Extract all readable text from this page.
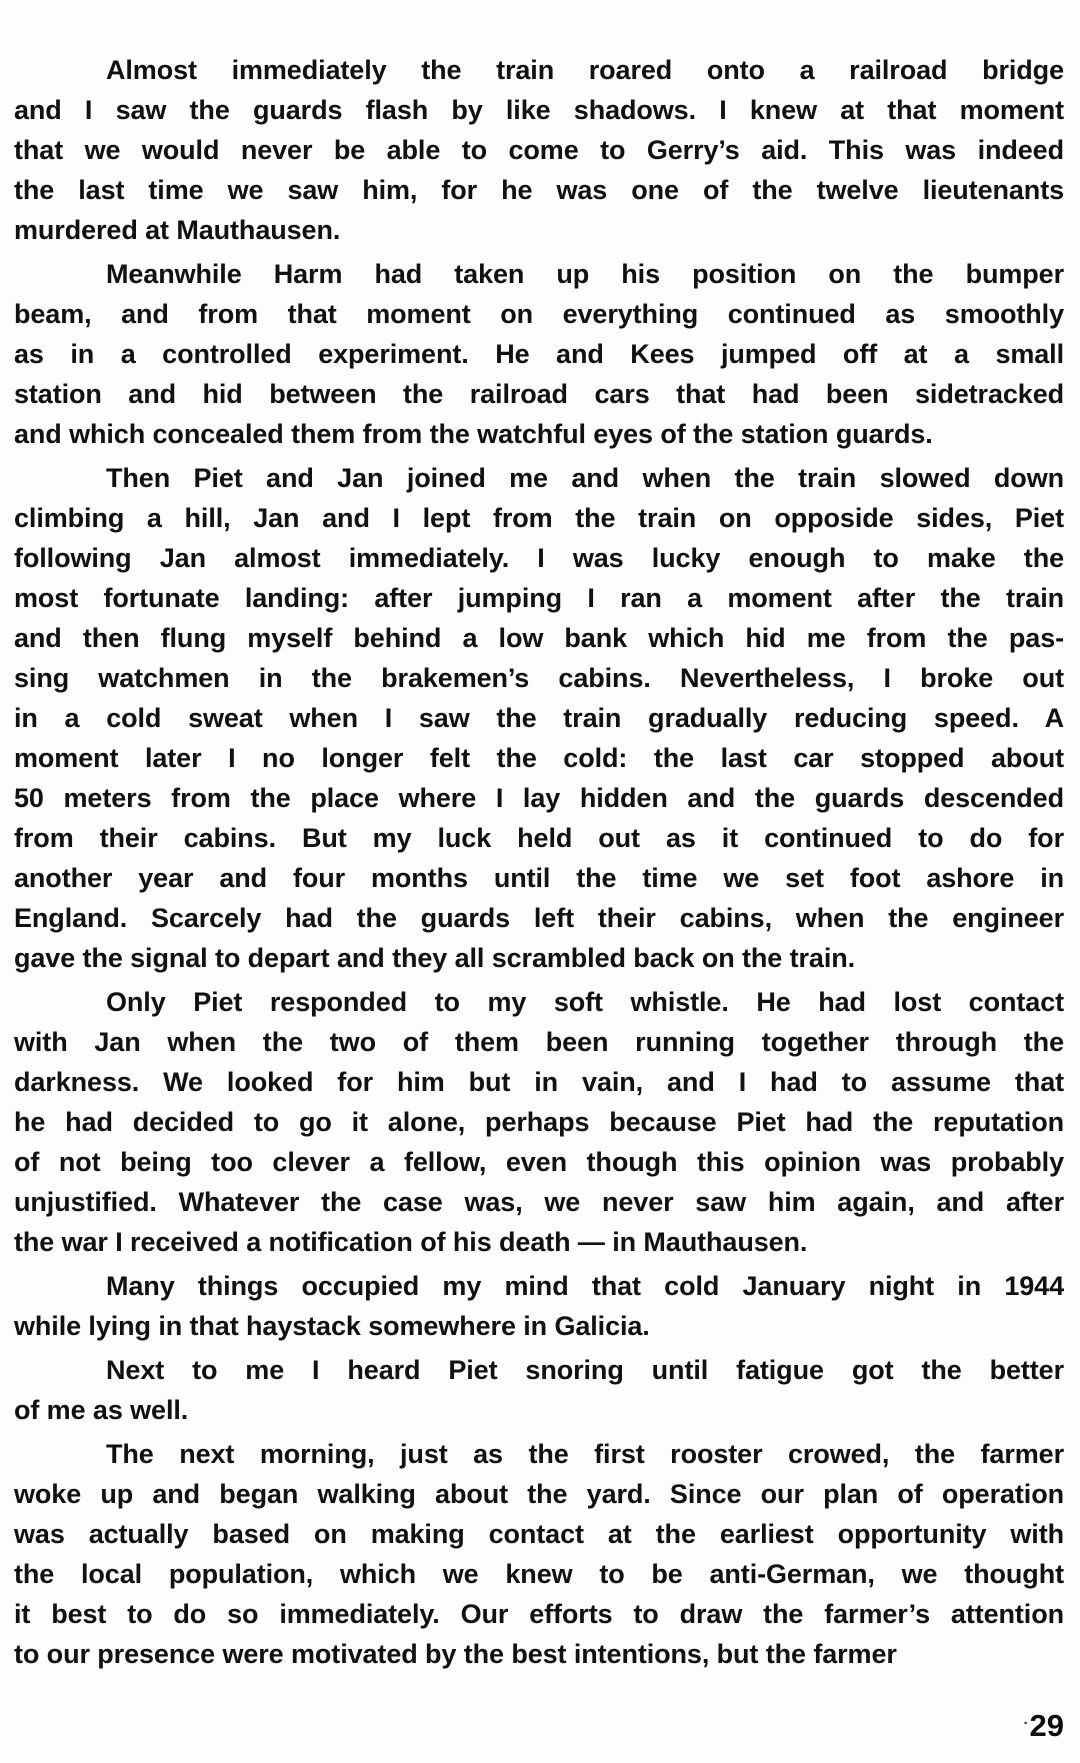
Almost immediately the train roared onto a railroad bridge
and I saw the guards flash by like shadows. I knew at that moment
that we would never be able to come to Gerry’s aid. This was indeed
the last time we saw him, for he was one of the twelve lieutenants
murdered at Mauthausen.
Meanwhile Harm had taken up his position on the bumper
beam, and from that moment on everything continued as smoothly
as in a controlled experiment. He and Kees jumped off at a small
station and hid between the railroad cars that had been sidetracked
and which concealed them from the watchful eyes of the station guards.
Then Piet and Jan joined me and when the train slowed down
climbing a hill, Jan and I lept from the train on opposide sides, Piet
following Jan almost immediately. I was lucky enough to make the
most fortunate landing: after jumping I ran a moment after the train
and then flung myself behind a low bank which hid me from the pas-
sing watchmen in the brakemen’s cabins. Nevertheless, I broke out
in a cold sweat when I saw the train gradually reducing speed. A
moment later I no longer felt the cold: the last car stopped about
50 meters from the place where I lay hidden and the guards descended
from their cabins. But my luck held out as it continued to do for
another year and four months until the time we set foot ashore in
England. Scarcely had the guards left their cabins, when the engineer
gave the signal to depart and they all scrambled back on the train.
Only Piet responded to my soft whistle. He had lost contact
with Jan when the two of them been running together through the
darkness. We looked for him but in vain, and I had to assume that
he had decided to go it alone, perhaps because Piet had the reputation
of not being too clever a fellow, even though this opinion was probably
unjustified. Whatever the case was, we never saw him again, and after
the war I received a notification of his death — in Mauthausen.
Many things occupied my mind that cold January night in 1944
while lying in that haystack somewhere in Galicia.
Next to me I heard Piet snoring until fatigue got the better
of me as well.
The next morning, just as the first rooster crowed, the farmer
woke up and began walking about the yard. Since our plan of operation
was actually based on making contact at the earliest opportunity with
the local population, which we knew to be anti-German, we thought
it best to do so immediately. Our efforts to draw the farmer’s attention
to our presence were motivated by the best intentions, but the farmer
·29
